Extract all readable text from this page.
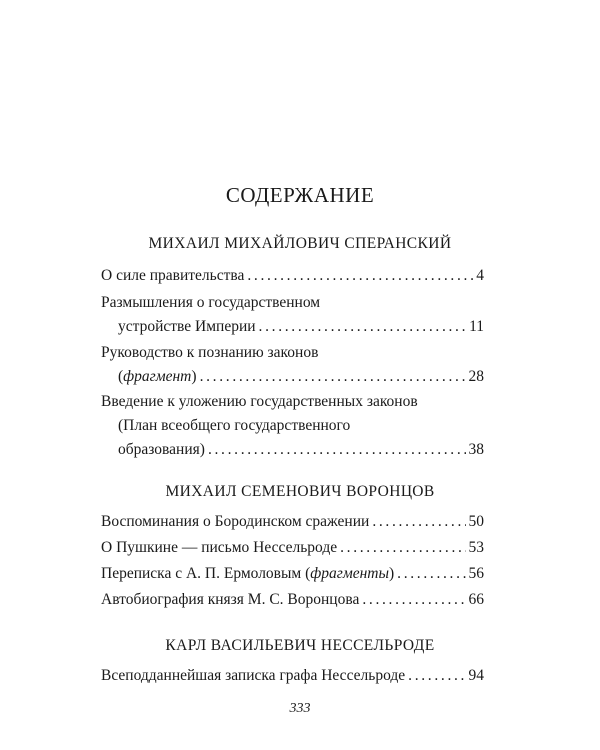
СОДЕРЖАНИЕ
МИХАИЛ МИХАЙЛОВИЧ СПЕРАНСКИЙ
О силе правительства . . .	4
Размышления о государственном
устройстве Империи . . .	11
Руководство к познанию законов
(фрагмент) . . .	28
Введение к уложению государственных законов
(План всеобщего государственного
образования) . . .	38
МИХАИЛ СЕМЕНОВИЧ ВОРОНЦОВ
Воспоминания о Бородинском сражении . . .	50
О Пушкине — письмо Нессельроде . . .	53
Переписка с А. П. Ермоловым (фрагменты) . . .	56
Автобиография князя М. С. Воронцова . . .	66
КАРЛ ВАСИЛЬЕВИЧ НЕССЕЛЬРОДЕ
Всеподданнейшая записка графа Нессельроде . . .	94
333
